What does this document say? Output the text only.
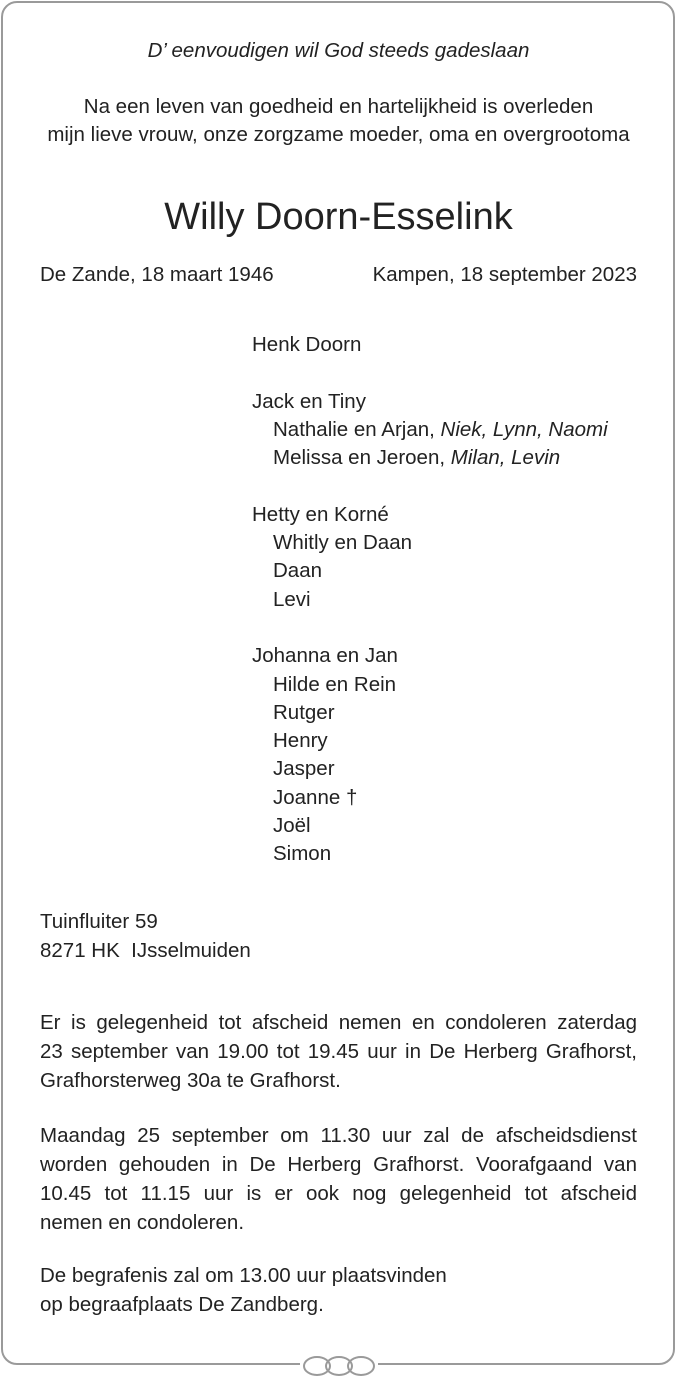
D’ eenvoudigen wil God steeds gadeslaan
Na een leven van goedheid en hartelijkheid is overleden
mijn lieve vrouw, onze zorgzame moeder, oma en overgrootoma
Willy Doorn-Esselink
De Zande, 18 maart 1946	Kampen, 18 september 2023
Henk Doorn
Jack en Tiny
Nathalie en Arjan, Niek, Lynn, Naomi
Melissa en Jeroen, Milan, Levin
Hetty en Korné
Whitly en Daan
Daan
Levi
Johanna en Jan
Hilde en Rein
Rutger
Henry
Jasper
Joanne †
Joël
Simon
Tuinfluiter 59
8271 HK  IJsselmuiden
Er is gelegenheid tot afscheid nemen en condoleren zaterdag
23 september van 19.00 tot 19.45 uur in De Herberg Grafhorst,
Grafhorsterweg 30a te Grafhorst.
Maandag 25 september om 11.30 uur zal de afscheidsdienst
worden gehouden in De Herberg Grafhorst. Voorafgaand van
10.45 tot 11.15 uur is er ook nog gelegenheid tot afscheid
nemen en condoleren.
De begrafenis zal om 13.00 uur plaatsvinden
op begraafplaats De Zandberg.
